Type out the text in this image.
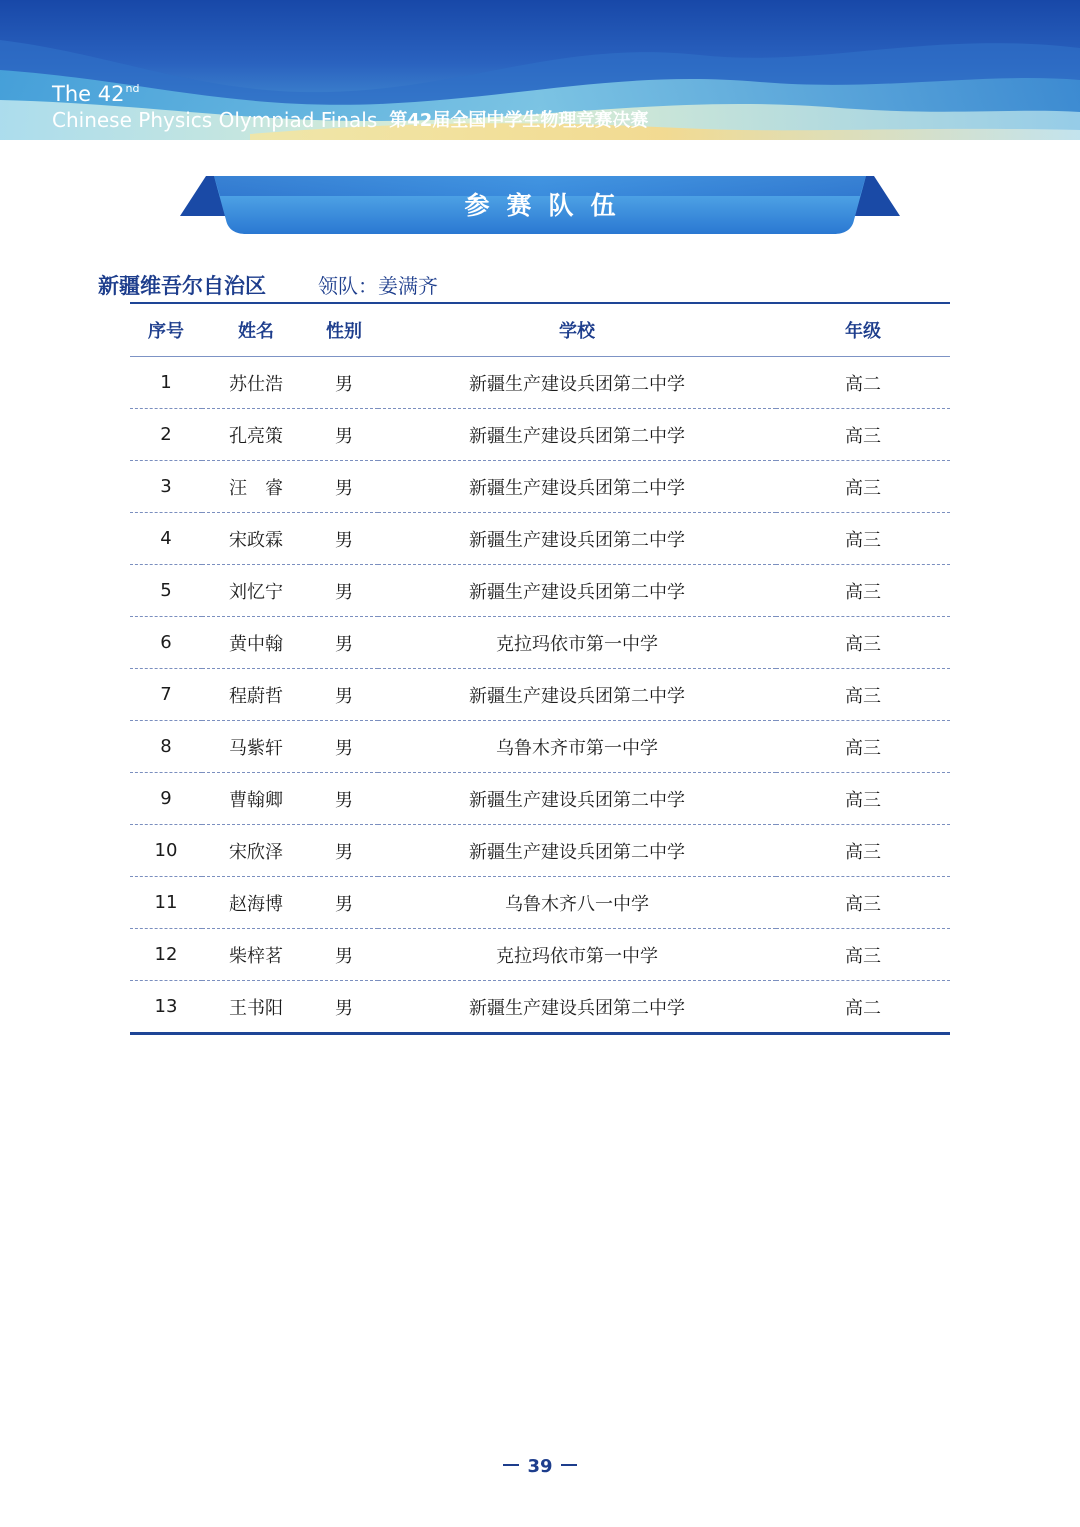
The 42nd
Chinese Physics Olympiad Finals 第42届全国中学生物理竞赛决赛
参赛队伍
新疆维吾尔自治区	领队：姜满齐
序号	姓名	性别	学校	年级
1	苏仕浩	男	新疆生产建设兵团第二中学	高二
2	孔亮策	男	新疆生产建设兵团第二中学	高三
3	汪　睿	男	新疆生产建设兵团第二中学	高三
4	宋政霖	男	新疆生产建设兵团第二中学	高三
5	刘忆宁	男	新疆生产建设兵团第二中学	高三
6	黄中翰	男	克拉玛依市第一中学	高三
7	程蔚哲	男	新疆生产建设兵团第二中学	高三
8	马紫轩	男	乌鲁木齐市第一中学	高三
9	曹翰卿	男	新疆生产建设兵团第二中学	高三
10	宋欣泽	男	新疆生产建设兵团第二中学	高三
11	赵海博	男	乌鲁木齐八一中学	高三
12	柴梓茗	男	克拉玛依市第一中学	高三
13	王书阳	男	新疆生产建设兵团第二中学	高二
39
